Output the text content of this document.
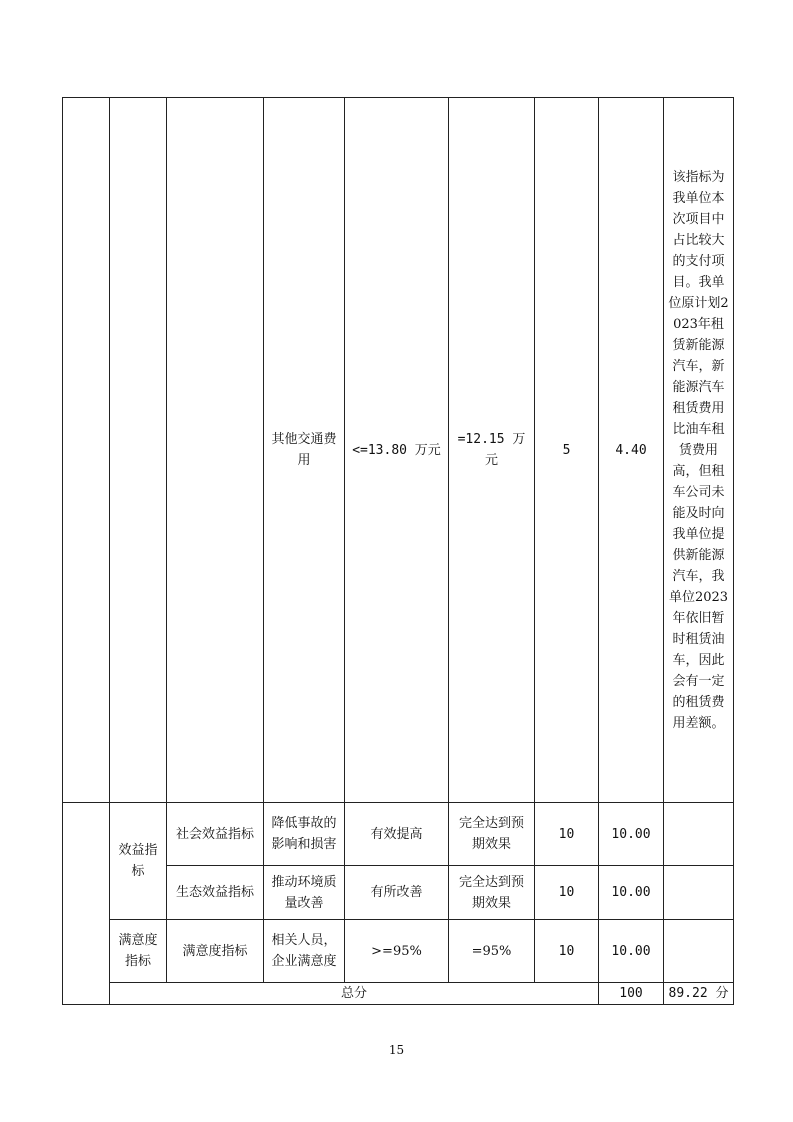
			其他交通费用	<=13.80 万元	=12.15 万元	5	4.40	该指标为我单位本次项目中占比较大的支付项目。我单位原计划2023年租赁新能源汽车，新能源汽车租赁费用比油车租赁费用高，但租车公司未能及时向我单位提供新能源汽车，我单位2023年依旧暂时租赁油车，因此会有一定的租赁费用差额。	
	效益指标	社会效益指标	降低事故的影响和损害	有效提高	完全达到预期效果	10	10.00		
		生态效益指标	推动环境质量改善	有所改善	完全达到预期效果	10	10.00		
	满意度指标	满意度指标	相关人员，企业满意度	>=95%	=95%	10	10.00		
	总分						100	89.22 分	
15
